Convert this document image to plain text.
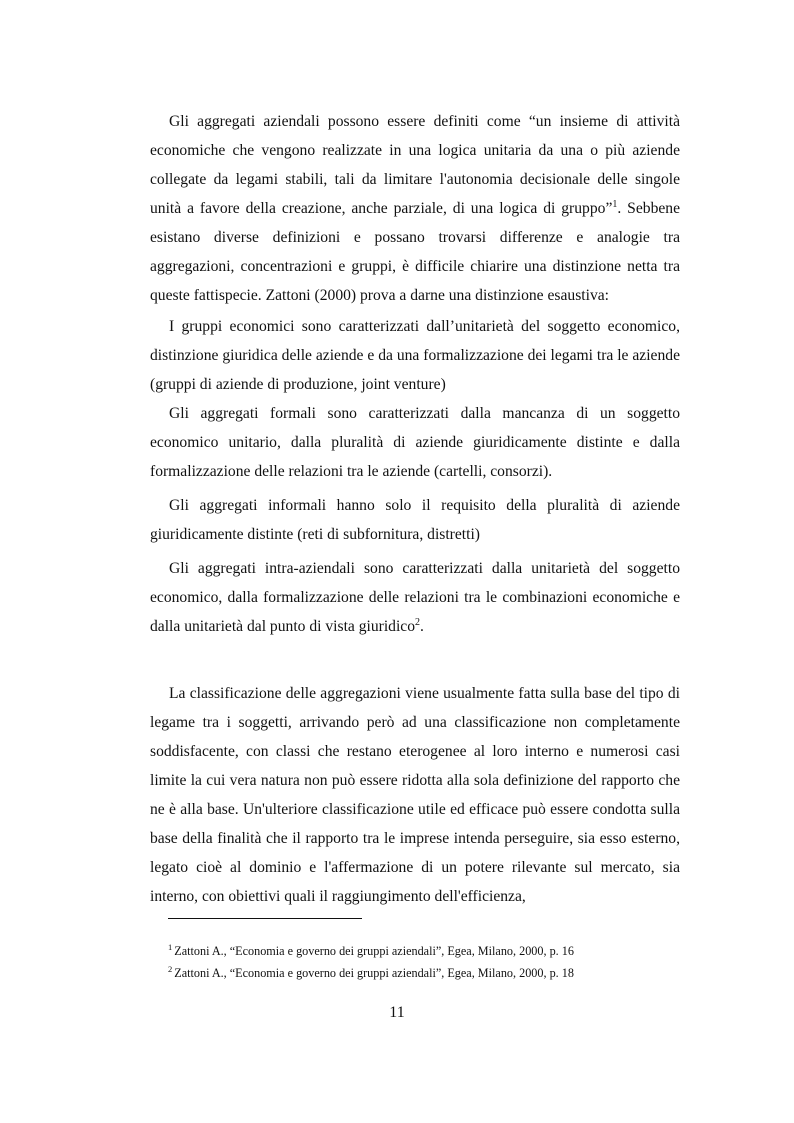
Gli aggregati aziendali possono essere definiti come “un insieme di attività economiche che vengono realizzate in una logica unitaria da una o più aziende collegate da legami stabili, tali da limitare l'autonomia decisionale delle singole unità a favore della creazione, anche parziale, di una logica di gruppo”$^1$. Sebbene esistano diverse definizioni e possano trovarsi differenze e analogie tra aggregazioni, concentrazioni e gruppi, è difficile chiarire una distinzione netta tra queste fattispecie. Zattoni (2000) prova a darne una distinzione esaustiva:

I gruppi economici sono caratterizzati dall’unitarietà del soggetto economico, distinzione giuridica delle aziende e da una formalizzazione dei legami tra le aziende (gruppi di aziende di produzione, joint venture)

Gli aggregati formali sono caratterizzati dalla mancanza di un soggetto economico unitario, dalla pluralità di aziende giuridicamente distinte e dalla formalizzazione delle relazioni tra le aziende (cartelli, consorzi).

Gli aggregati informali hanno solo il requisito della pluralità di aziende giuridicamente distinte (reti di subfornitura, distretti)

Gli aggregati intra-aziendali sono caratterizzati dalla unitarietà del soggetto economico, dalla formalizzazione delle relazioni tra le combinazioni economiche e dalla unitarietà dal punto di vista giuridico$^2$.

La classificazione delle aggregazioni viene usualmente fatta sulla base del tipo di legame tra i soggetti, arrivando però ad una classificazione non completamente soddisfacente, con classi che restano eterogenee al loro interno e numerosi casi limite la cui vera natura non può essere ridotta alla sola definizione del rapporto che ne è alla base. Un'ulteriore classificazione utile ed efficace può essere condotta sulla base della finalità che il rapporto tra le imprese intenda perseguire, sia esso esterno, legato cioè al dominio e l'affermazione di un potere rilevante sul mercato, sia interno, con obiettivi quali il raggiungimento dell'efficienza,

$^1$ Zattoni A., “Economia e governo dei gruppi aziendali”, Egea, Milano, 2000, p. 16

$^2$ Zattoni A., “Economia e governo dei gruppi aziendali”, Egea, Milano, 2000, p. 18

11
